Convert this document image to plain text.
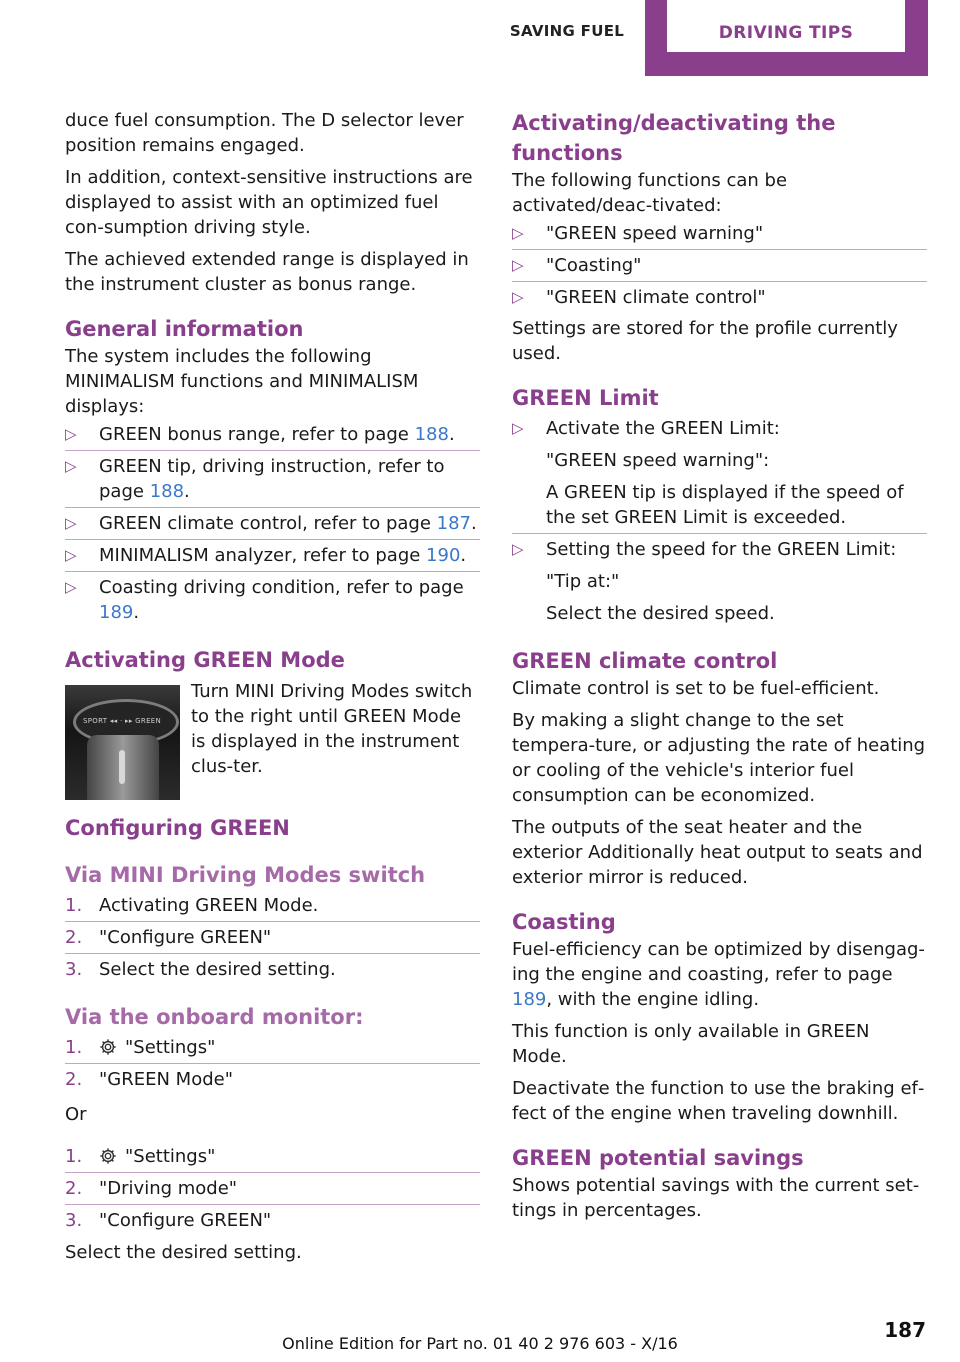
SAVING FUEL	DRIVING TIPS

duce fuel consumption. The D selector lever position remains engaged.

In addition, context-sensitive instructions are displayed to assist with an optimized fuel con‐sumption driving style.

The achieved extended range is displayed in the instrument cluster as bonus range.

General information

The system includes the following MINIMALISM functions and MINIMALISM displays:

▷ GREEN bonus range, refer to page 188.
▷ GREEN tip, driving instruction, refer to page 188.
▷ GREEN climate control, refer to page 187.
▷ MINIMALISM analyzer, refer to page 190.
▷ Coasting driving condition, refer to page 189.
Activating GREEN Mode
SPORT ◂◂ · ▸▸ GREEN

Turn MINI Driving Modes switch to the right until GREEN Mode is displayed in the instrument clus‐ter.

Configuring GREEN
Via MINI Driving Modes switch
1. Activating GREEN Mode.
2. "Configure GREEN"
3. Select the desired setting.
Via the onboard monitor:
1. "Settings"
2. "GREEN Mode"

Or

1. "Settings"
2. "Driving mode"
3. "Configure GREEN"

Select the desired setting.

Activating/deactivating the functions

The following functions can be activated/deac‐tivated:

▷ "GREEN speed warning"
▷ "Coasting"
▷ "GREEN climate control"

Settings are stored for the profile currently used.

GREEN Limit
▷ Activate the GREEN Limit:
"GREEN speed warning":
A GREEN tip is displayed if the speed of the set GREEN Limit is exceeded.
▷ Setting the speed for the GREEN Limit:
"Tip at:"
Select the desired speed.
GREEN climate control

Climate control is set to be fuel-efficient.

By making a slight change to the set tempera‐ture, or adjusting the rate of heating or cooling of the vehicle's interior fuel consumption can be economized.

The outputs of the seat heater and the exterior Additionally heat output to seats and exterior mirror is reduced.

Coasting

Fuel-efficiency can be optimized by disengag‐ing the engine and coasting, refer to page 189, with the engine idling.

This function is only available in GREEN Mode.

Deactivate the function to use the braking ef‐fect of the engine when traveling downhill.

GREEN potential savings

Shows potential savings with the current set‐tings in percentages.

187
Online Edition for Part no. 01 40 2 976 603 - X/16
